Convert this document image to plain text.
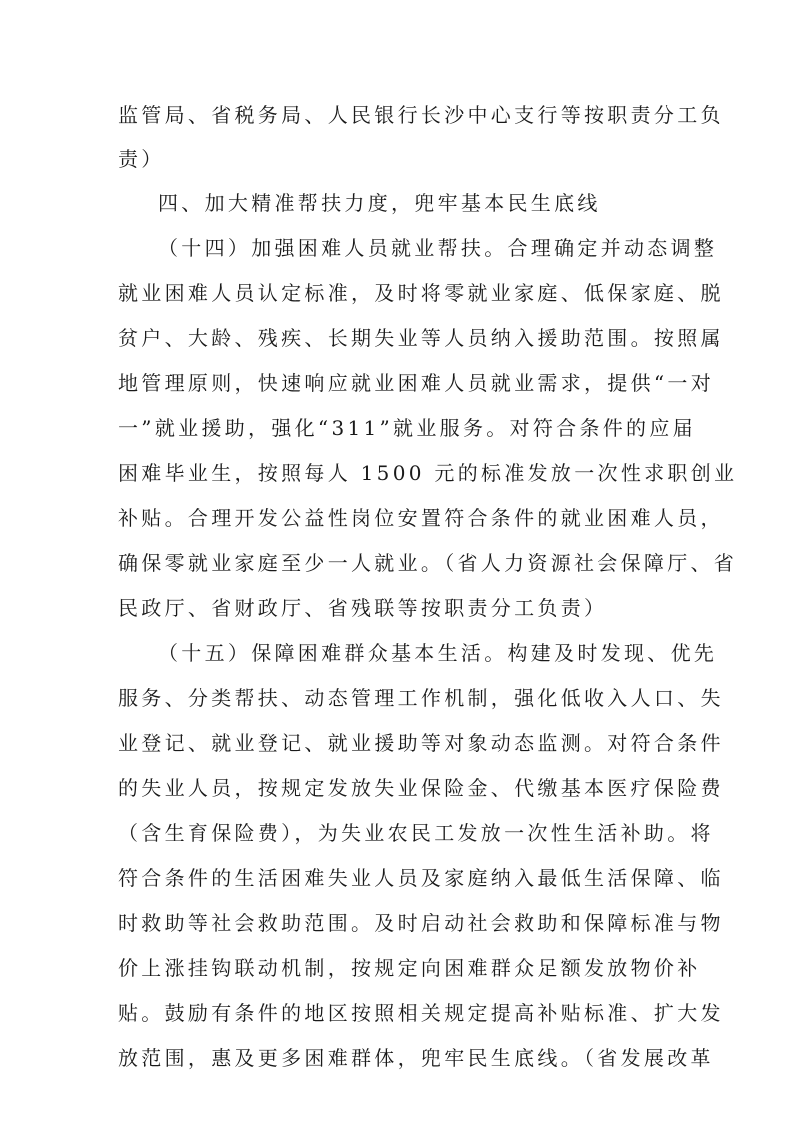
监管局、省税务局、人民银行长沙中心支行等按职责分工负

责）

四、加大精准帮扶力度，兜牢基本民生底线

（十四）加强困难人员就业帮扶。合理确定并动态调整

就业困难人员认定标准，及时将零就业家庭、低保家庭、脱

贫户、大龄、残疾、长期失业等人员纳入援助范围。按照属

地管理原则，快速响应就业困难人员就业需求，提供“一对

一”就业援助，强化“311”就业服务。对符合条件的应届

困难毕业生，按照每人 1500 元的标准发放一次性求职创业

补贴。合理开发公益性岗位安置符合条件的就业困难人员，

确保零就业家庭至少一人就业。（省人力资源社会保障厅、省

民政厅、省财政厅、省残联等按职责分工负责）

（十五）保障困难群众基本生活。构建及时发现、优先

服务、分类帮扶、动态管理工作机制，强化低收入人口、失

业登记、就业登记、就业援助等对象动态监测。对符合条件

的失业人员，按规定发放失业保险金、代缴基本医疗保险费

（含生育保险费），为失业农民工发放一次性生活补助。将

符合条件的生活困难失业人员及家庭纳入最低生活保障、临

时救助等社会救助范围。及时启动社会救助和保障标准与物

价上涨挂钩联动机制，按规定向困难群众足额发放物价补

贴。鼓励有条件的地区按照相关规定提高补贴标准、扩大发

放范围，惠及更多困难群体，兜牢民生底线。（省发展改革
